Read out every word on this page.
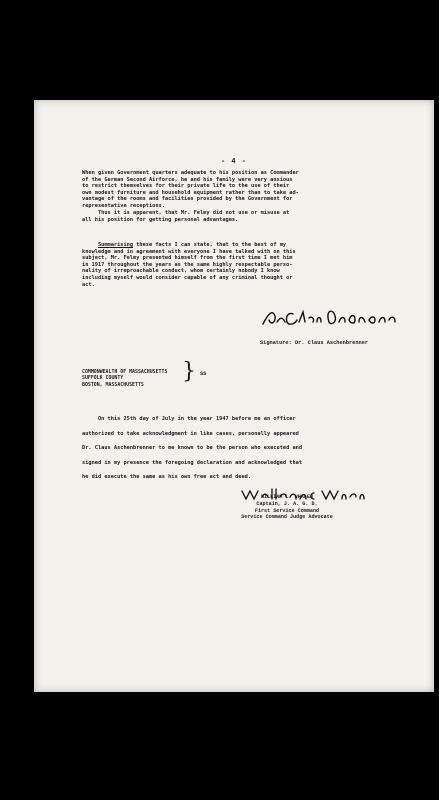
- 4 -
When given Government quarters adequate to his position as Commander
of the German Second Airforce, he and his family were very anxious
to restrict themselves for their private life to the use of their
own modest furniture and household equipment rather than to take ad-
vantage of the rooms and facilities provided by the Government for
representative receptions.
Thus it is apparent, that Mr. Felmy did not use or misuse at
all his position for getting personal advantages.
Summarising these facts I can state, that to the best of my
knowledge and in agreement with everyone I have talked with on this
subject, Mr. Felmy presented himself from the first time I met him
in 1917 throughout the years as the same highly respectable perso-
nality of irreproachable conduct, whom certainly nobody I know
including myself would consider capable of any criminal thought or
act.
Signature: Dr. Claus Aschenbrenner
COMMONWEALTH OF MASSACHUSETTS
SUFFOLK COUNTY
BOSTON, MASSACHUSETTS
} SS
On this 25th day of July in the year 1947 before me an officer
authorized to take acknowledgment in like cases, personally appeared
Dr. Claus Aschenbrenner to me known to be the person who executed and
signed in my presence the foregoing declaration and acknowledged that
he did execute the same as his own free act and deed.
WILLIAM L. WHALEN
Captain, J. A. G. D.
First Service Command
Service Command Judge Advocate
